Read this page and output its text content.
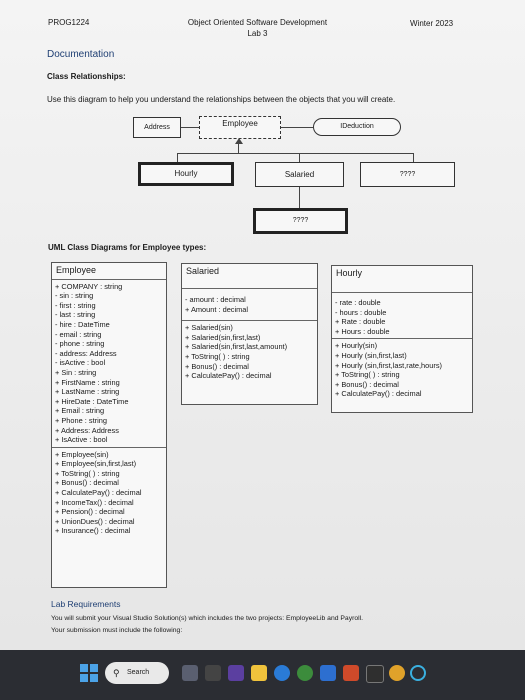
PROG1224	Object Oriented Software Development
Lab 3
Winter 2023
Documentation
Class Relationships:
Use this diagram to help you understand the relationships between the objects that you will create.
Address	Employee	IDeduction
Hourly	Salaried	????
????
UML Class Diagrams for Employee types:
Employee
+ COMPANY : string
- sin : string
- first : string
- last : string
- hire : DateTime
- email : string
- phone : string
- address: Address
- isActive : bool
+ Sin : string
+ FirstName : string
+ LastName : string
+ HireDate : DateTime
+ Email : string
+ Phone : string
+ Address: Address
+ IsActive : bool
+ Employee(sin)
+ Employee(sin,first,last)
+ ToString( ) : string
+ Bonus() : decimal
+ CalculatePay() : decimal
+ IncomeTax() : decimal
+ Pension() : decimal
+ UnionDues() : decimal
+ Insurance() : decimal
Salaried
- amount : decimal
+ Amount : decimal
+ Salaried(sin)
+ Salaried(sin,first,last)
+ Salaried(sin,first,last,amount)
+ ToString( ) : string
+ Bonus() : decimal
+ CalculatePay() : decimal
Hourly
- rate : double
- hours : double
+ Rate : double
+ Hours : double
+ Hourly(sin)
+ Hourly (sin,first,last)
+ Hourly (sin,first,last,rate,hours)
+ ToString( ) : string
+ Bonus() : decimal
+ CalculatePay() : decimal
Lab Requirements
You will submit your Visual Studio Solution(s) which includes the two projects: EmployeeLib and Payroll.
Your submission must include the following:
⚲ Search
